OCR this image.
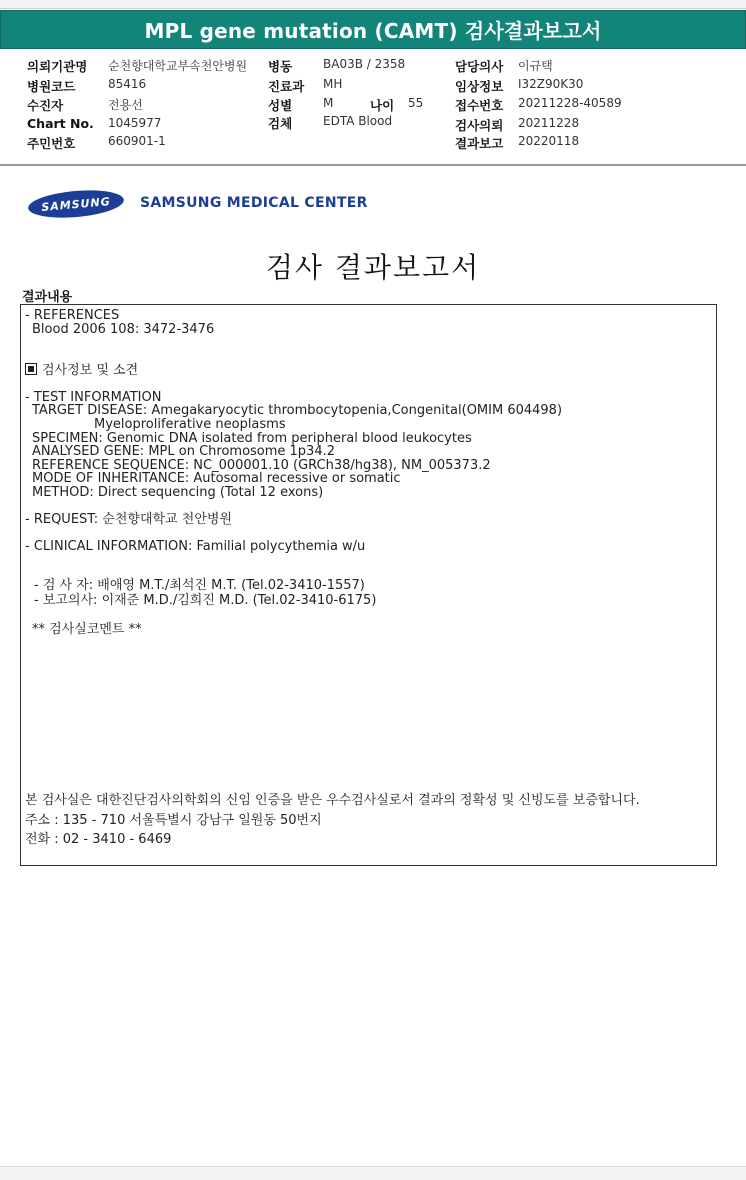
MPL gene mutation (CAMT) 검사결과보고서
의뢰기관명 순천향대학교부속천안병원
병원코드	85416
수진자	전용선
Chart No. 1045977
주민번호	660901-1
병동	BA03B / 2358
진료과 MH
성별	M	나이 55
검체	EDTA Blood
담당의사 이규택
임상정보 I32Z90K30
접수번호 20211228-40589
검사의뢰 20211228
결과보고 20220118
SAMSUNG SAMSUNG MEDICAL CENTER
검사 결과보고서
결과내용
- REFERENCES
Blood 2006 108: 3472-3476
검사정보 및 소견
- TEST INFORMATION
TARGET DISEASE: Amegakaryocytic thrombocytopenia,Congenital(OMIM 604498)
Myeloproliferative neoplasms
SPECIMEN: Genomic DNA isolated from peripheral blood leukocytes
ANALYSED GENE: MPL on Chromosome 1p34.2
REFERENCE SEQUENCE: NC_000001.10 (GRCh38/hg38), NM_005373.2
MODE OF INHERITANCE: Autosomal recessive or somatic
METHOD: Direct sequencing (Total 12 exons)
- REQUEST: 순천향대학교 천안병원
- CLINICAL INFORMATION: Familial polycythemia w/u
- 검 사 자: 배애영 M.T./최석진 M.T. (Tel.02-3410-1557)
- 보고의사: 이재준 M.D./김희진 M.D. (Tel.02-3410-6175)
** 검사실코멘트 **
본 검사실은 대한진단검사의학회의 신임 인증을 받은 우수검사실로서 결과의 정확성 및 신빙도를 보증합니다.
주소 : 135 - 710 서울특별시 강남구 일원동 50번지
전화 : 02 - 3410 - 6469
